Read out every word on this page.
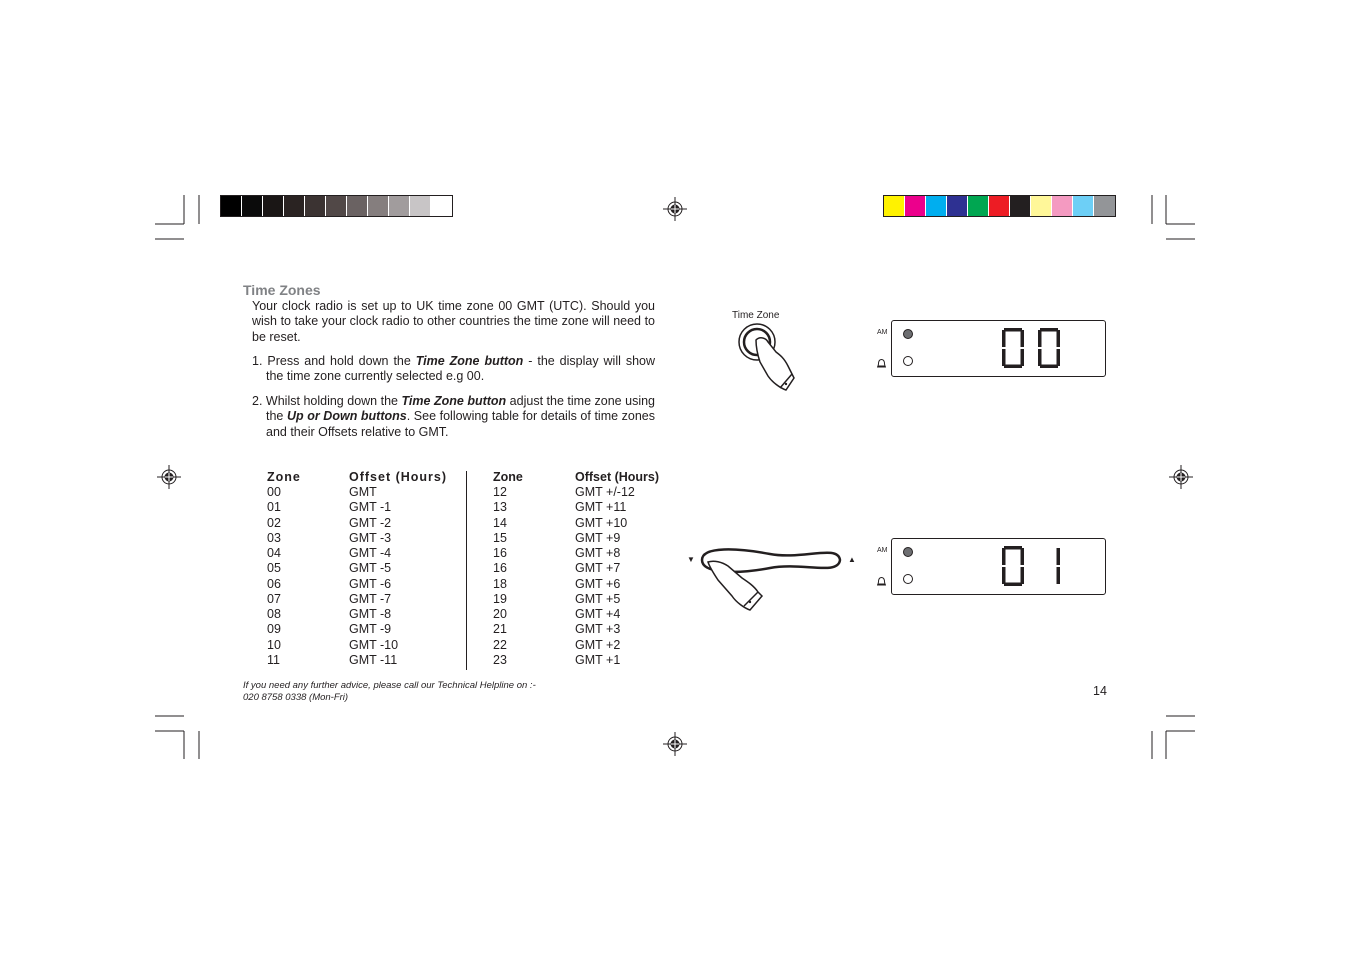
Time Zones
Your clock radio is set up to UK time zone 00 GMT (UTC). Should you wish to take your clock radio to other countries the time zone will need to be reset.
1. Press and hold down the Time Zone button - the display will show the time zone currently selected e.g 00.
2. Whilst holding down the Time Zone button adjust the time zone using the Up or Down buttons. See following table for details of time zones and their Offsets relative to GMT.
Zone
00
01
02
03
04
05
06
07
08
09
10
11
Offset (Hours)
GMT
GMT -1
GMT -2
GMT -3
GMT -4
GMT -5
GMT -6
GMT -7
GMT -8
GMT -9
GMT -10
GMT -11
Zone
12
13
14
15
16
16
18
19
20
21
22
23
Offset (Hours)
GMT +/-12
GMT +11
GMT +10
GMT +9
GMT +8
GMT +7
GMT +6
GMT +5
GMT +4
GMT +3
GMT +2
GMT +1
If you need any further advice, please call our Technical Helpline on :-
020 8758 0338 (Mon-Fri)	14
Time Zone
AM
▼	▲
AM
